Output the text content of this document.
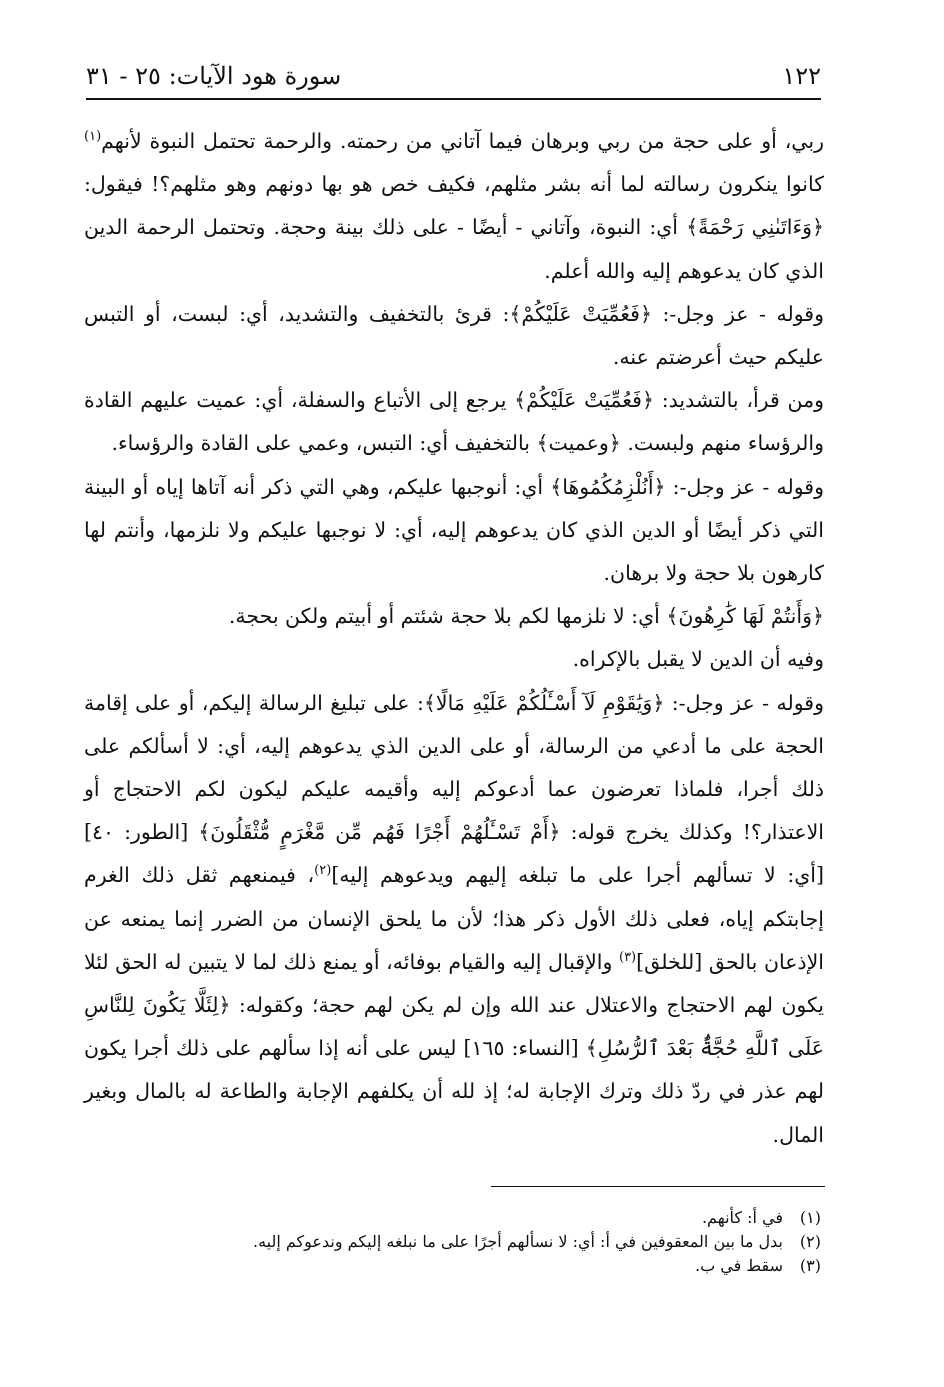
١٢٢
سورة هود الآيات: ٢٥ - ٣١

ربي، أو على حجة من ربي وبرهان فيما آتاني من رحمته. والرحمة تحتمل النبوة لأنهم$^{(١)}$ كانوا ينكرون رسالته لما أنه بشر مثلهم، فكيف خص هو بها دونهم وهو مثلهم؟! فيقول: ﴿وَءَاتَىٰنِي رَحْمَةً﴾ أي: النبوة، وآتاني - أيضًا - على ذلك بينة وحجة. وتحتمل الرحمة الدين الذي كان يدعوهم إليه والله أعلم.

وقوله - عز وجل-: ﴿فَعُمِّيَتْ عَلَيْكُمْ﴾: قرئ بالتخفيف والتشديد، أي: لبست، أو التبس عليكم حيث أعرضتم عنه.

ومن قرأ، بالتشديد: ﴿فَعُمِّيَتْ عَلَيْكُمْ﴾ يرجع إلى الأتباع والسفلة، أي: عميت عليهم القادة والرؤساء منهم ولبست. ﴿وعميت﴾ بالتخفيف أي: التبس، وعمي على القادة والرؤساء.

وقوله - عز وجل-: ﴿أَنُلْزِمُكُمُوهَا﴾ أي: أنوجبها عليكم، وهي التي ذكر أنه آتاها إياه أو البينة التي ذكر أيضًا أو الدين الذي كان يدعوهم إليه، أي: لا نوجبها عليكم ولا نلزمها، وأنتم لها كارهون بلا حجة ولا برهان.

﴿وَأَنتُمْ لَهَا كَٰرِهُونَ﴾ أي: لا نلزمها لكم بلا حجة شئتم أو أبيتم ولكن بحجة.

وفيه أن الدين لا يقبل بالإكراه.

وقوله - عز وجل-: ﴿وَيَٰقَوْمِ لَآ أَسْـَٔلُكُمْ عَلَيْهِ مَالًا﴾: على تبليغ الرسالة إليكم، أو على إقامة الحجة على ما أدعي من الرسالة، أو على الدين الذي يدعوهم إليه، أي: لا أسألكم على ذلك أجرا، فلماذا تعرضون عما أدعوكم إليه وأقيمه عليكم ليكون لكم الاحتجاج أو الاعتذار؟! وكذلك يخرج قوله: ﴿أَمْ تَسْـَٔلُهُمْ أَجْرًا فَهُم مِّن مَّغْرَمٍ مُّثْقَلُونَ﴾ [الطور: ٤٠] [أي: لا تسألهم أجرا على ما تبلغه إليهم ويدعوهم إليه]$^{(٢)}$، فيمنعهم ثقل ذلك الغرم إجابتكم إياه، فعلى ذلك الأول ذكر هذا؛ لأن ما يلحق الإنسان من الضرر إنما يمنعه عن الإذعان بالحق [للخلق]$^{(٣)}$ والإقبال إليه والقيام بوفائه، أو يمنع ذلك لما لا يتبين له الحق لئلا يكون لهم الاحتجاج والاعتلال عند الله وإن لم يكن لهم حجة؛ وكقوله: ﴿لِئَلَّا يَكُونَ لِلنَّاسِ عَلَى ٱللَّهِ حُجَّةٌۢ بَعْدَ ٱلرُّسُلِ﴾ [النساء: ١٦٥] ليس على أنه إذا سألهم على ذلك أجرا يكون لهم عذر في ردّ ذلك وترك الإجابة له؛ إذ لله أن يكلفهم الإجابة والطاعة له بالمال وبغير المال.

(١)
في أ: كأنهم.
(٢)
بدل ما بين المعقوفين في أ: أي: لا نسألهم أجرًا على ما نبلغه إليكم وندعوكم إليه.
(٣)
سقط في ب.
